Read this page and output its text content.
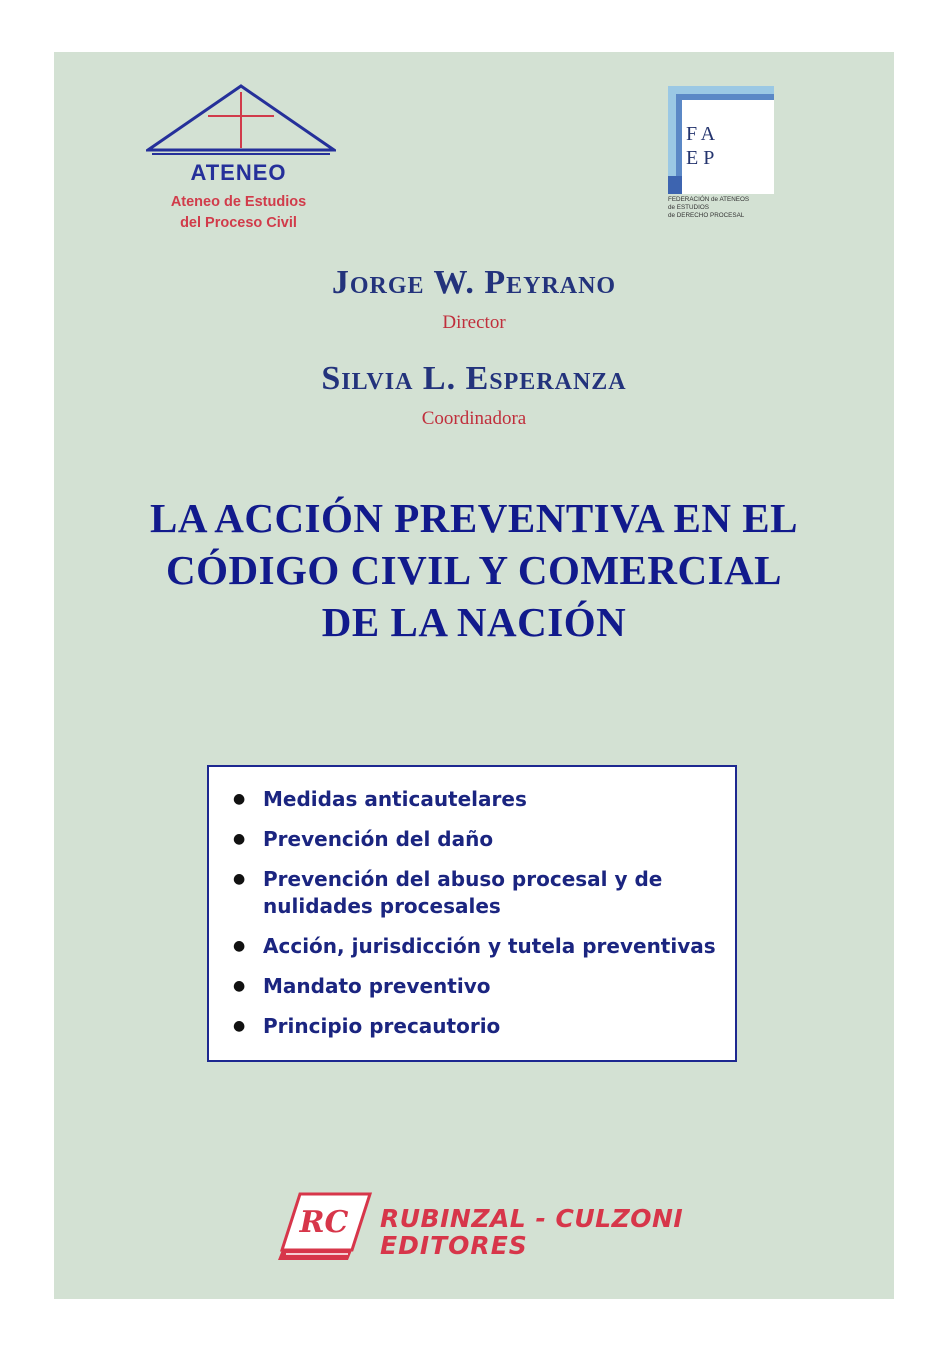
ATENEO
Ateneo de Estudios
del Proceso Civil
FA
EP
FEDERACIÓN de ATENEOS
de ESTUDIOS
de DERECHO PROCESAL
Jorge W. Peyrano
Director
Silvia L. Esperanza
Coordinadora
LA ACCIÓN PREVENTIVA EN EL
CÓDIGO CIVIL Y COMERCIAL
DE LA NACIÓN
● Medidas anticautelares
● Prevención del daño
● Prevención del abuso procesal y de nulidades procesales
● Acción, jurisdicción y tutela preventivas
● Mandato preventivo
● Principio precautorio
RC RUBINZAL - CULZONI
EDITORES
